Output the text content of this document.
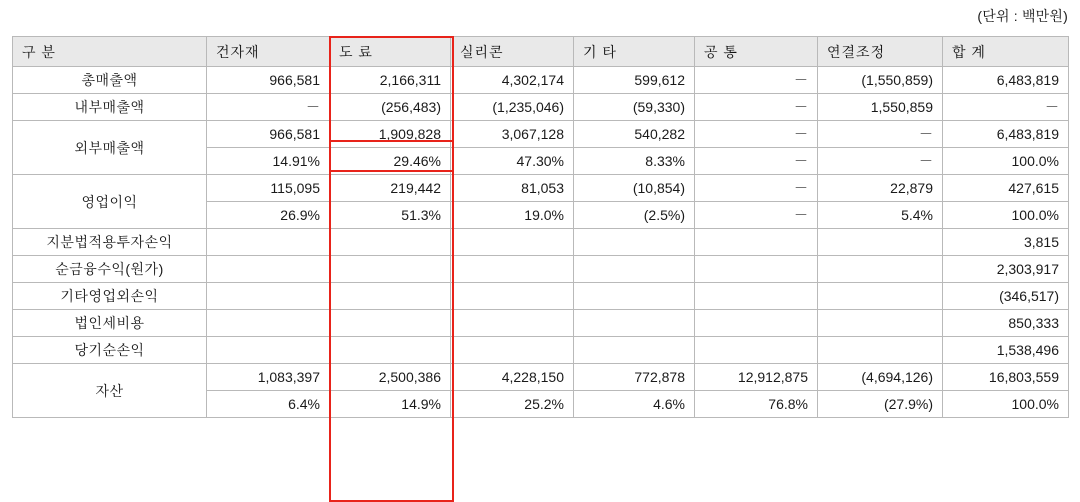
(단위 : 백만원)
구 분	건자재	도 료	실리콘	기 타	공 통	연결조정	합 계
총매출액	966,581	2,166,311	4,302,174	599,612	－	(1,550,859)	6,483,819
내부매출액	－	(256,483)	(1,235,046)	(59,330)	－	1,550,859	－
외부매출액	966,581	1,909,828	3,067,128	540,282	－	－	6,483,819
	14.91%	29.46%	47.30%	8.33%	－	－	100.0%
영업이익	115,095	219,442	81,053	(10,854)	－	22,879	427,615
	26.9%	51.3%	19.0%	(2.5%)	－	5.4%	100.0%
지분법적용투자손익							3,815
순금융수익(원가)							2,303,917
기타영업외손익							(346,517)
법인세비용							850,333
당기순손익							1,538,496
자산	1,083,397	2,500,386	4,228,150	772,878	12,912,875	(4,694,126)	16,803,559
	6.4%	14.9%	25.2%	4.6%	76.8%	(27.9%)	100.0%
